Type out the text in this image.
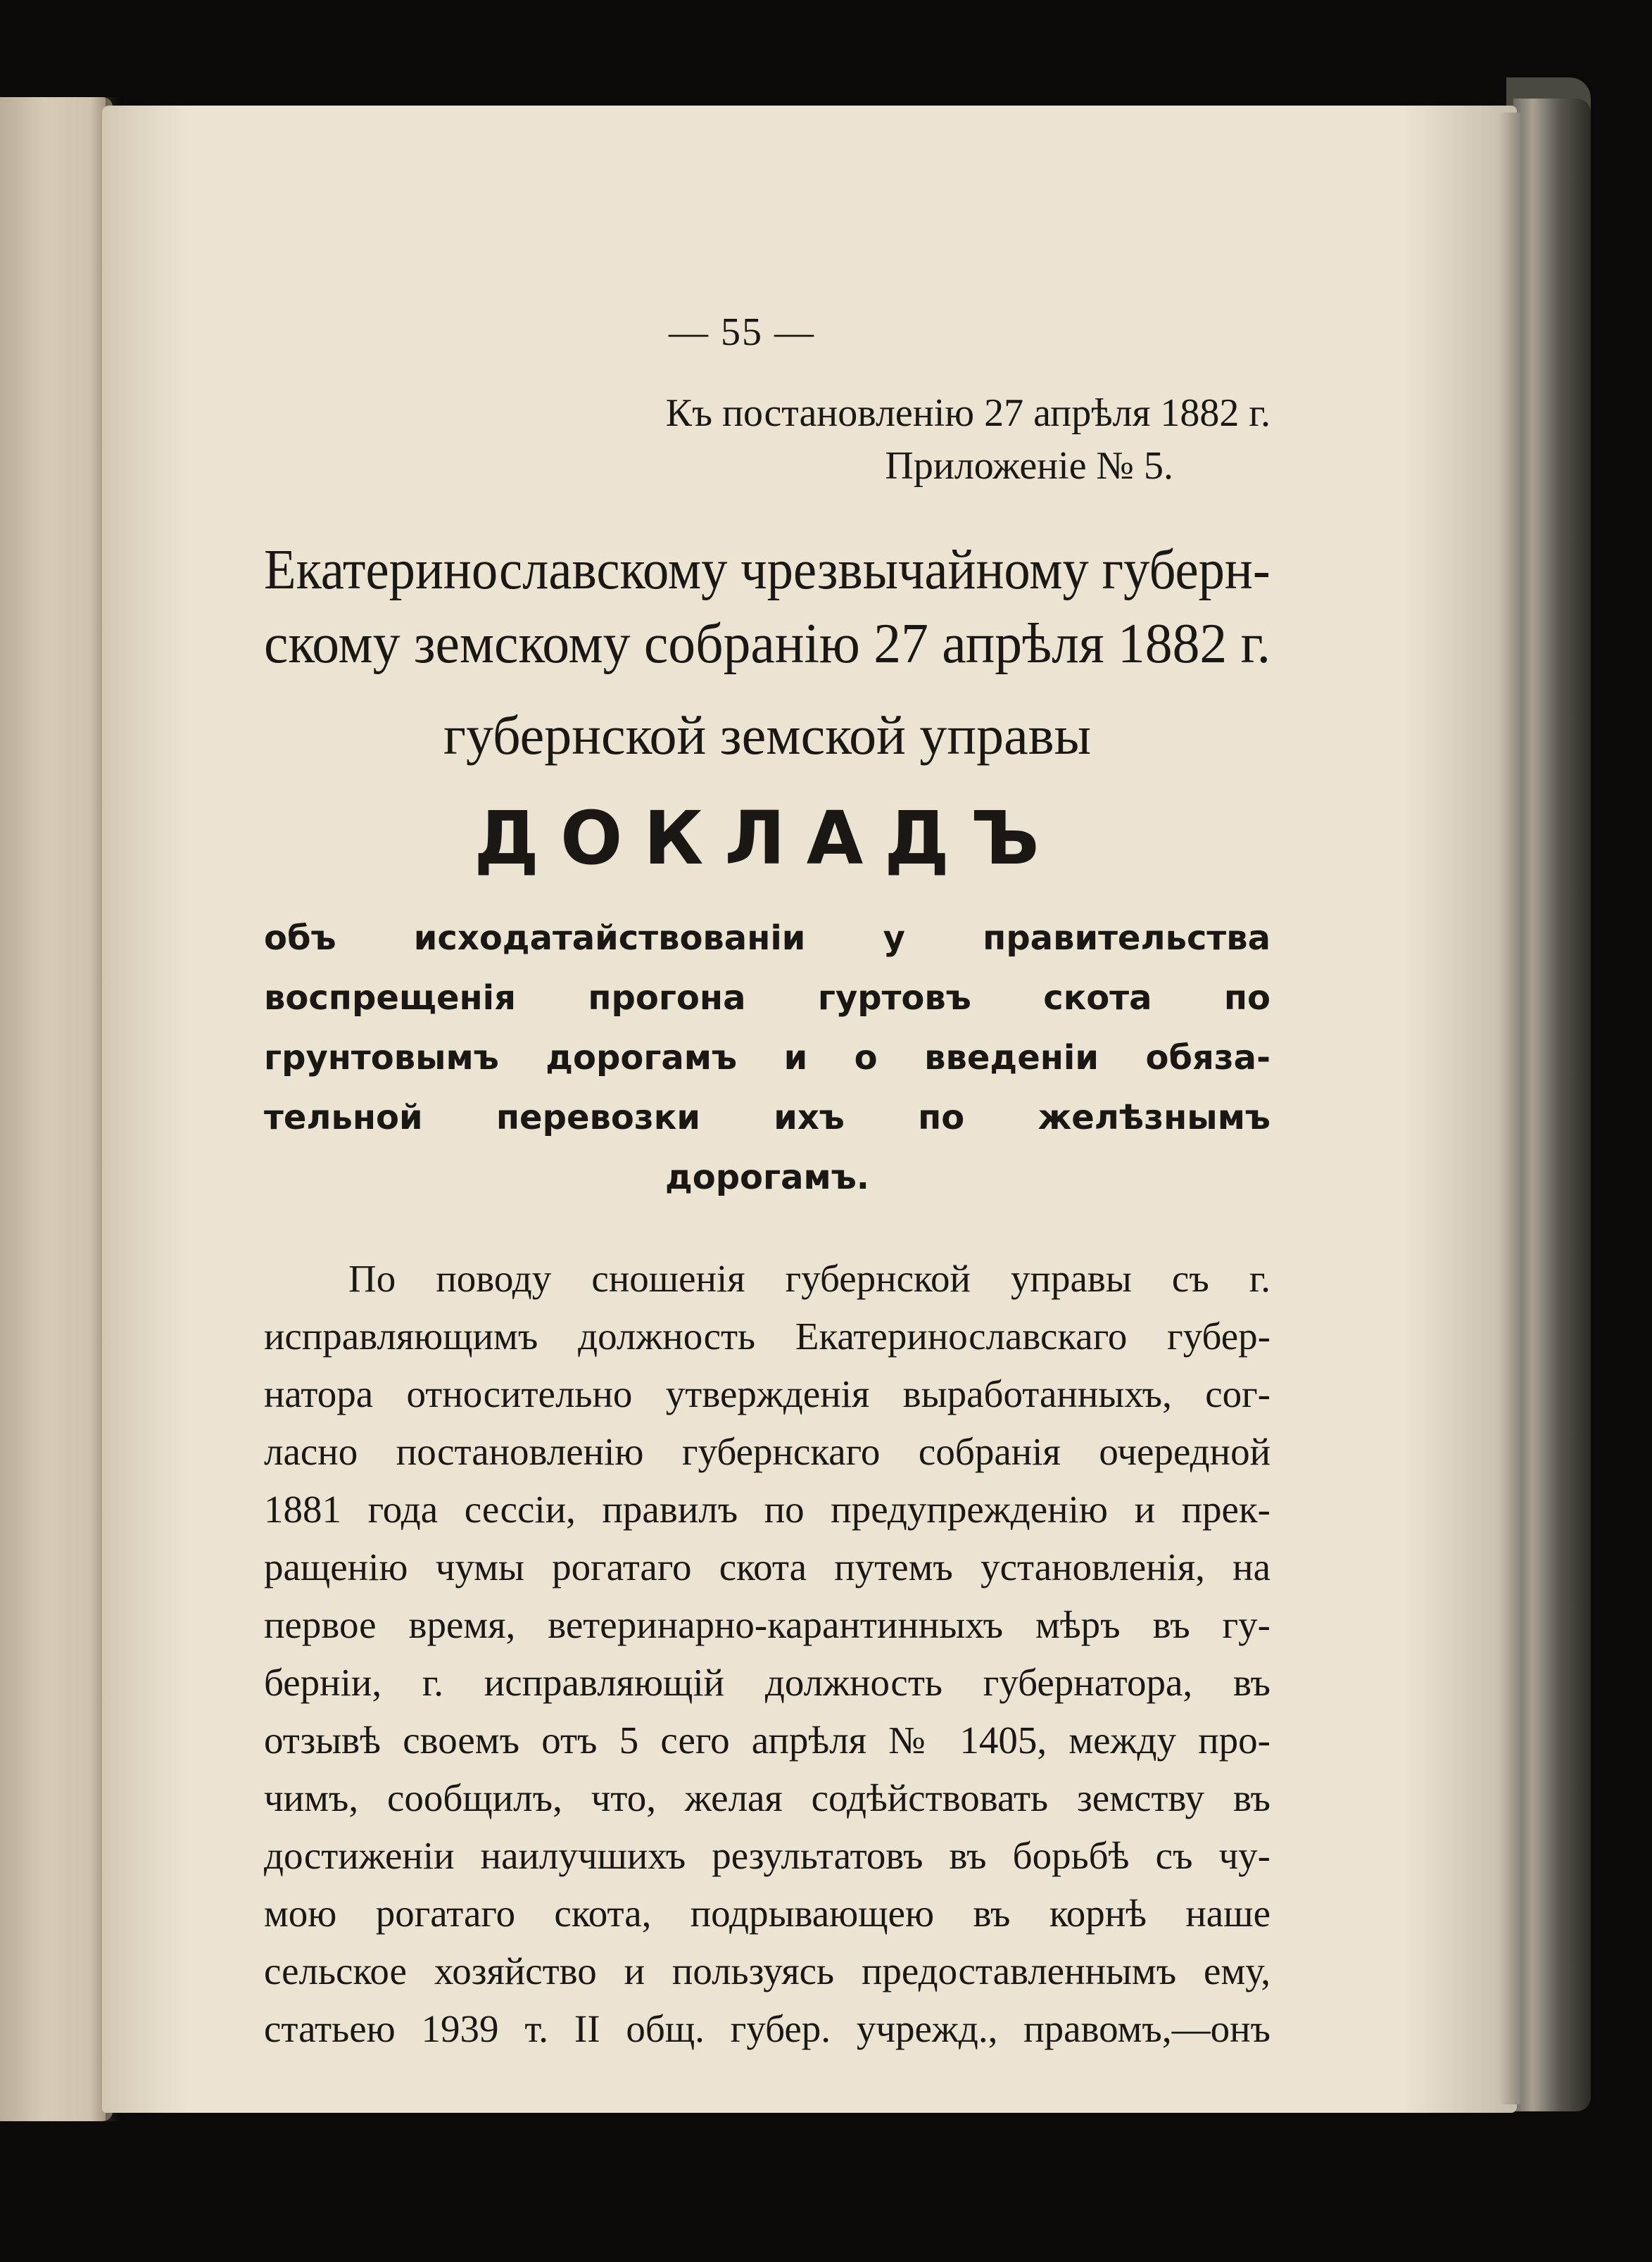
— 55 —
Къ постановленію 27 апрѣля 1882 г.
Приложеніе № 5.
Екатеринославскому чрезвычайному губерн-
скому земскому собранію 27 апрѣля 1882 г.
губернской земской управы
ДОКЛАДЪ
объ исходатайствованіи у правительства
воспрещенія прогона гуртовъ скота по
грунтовымъ дорогамъ и о введеніи обяза-
тельной перевозки ихъ по желѣзнымъ
дорогамъ.
По поводу сношенія губернской управы съ г.
исправляющимъ должность Екатеринославскаго губер-
натора относительно утвержденія выработанныхъ, сог-
ласно постановленію губернскаго собранія очередной
1881 года сессіи, правилъ по предупрежденію и прек-
ращенію чумы рогатаго скота путемъ установленія, на
первое время, ветеринарно-карантинныхъ мѣръ въ гу-
берніи, г. исправляющій должность губернатора, въ
отзывѣ своемъ отъ 5 сего апрѣля № 1405, между про-
чимъ, сообщилъ, что, желая содѣйствовать земству въ
достиженіи наилучшихъ результатовъ въ борьбѣ съ чу-
мою рогатаго скота, подрывающею въ корнѣ наше
сельское хозяйство и пользуясь предоставленнымъ ему,
статьею 1939 т. II общ. губер. учрежд., правомъ,—онъ
